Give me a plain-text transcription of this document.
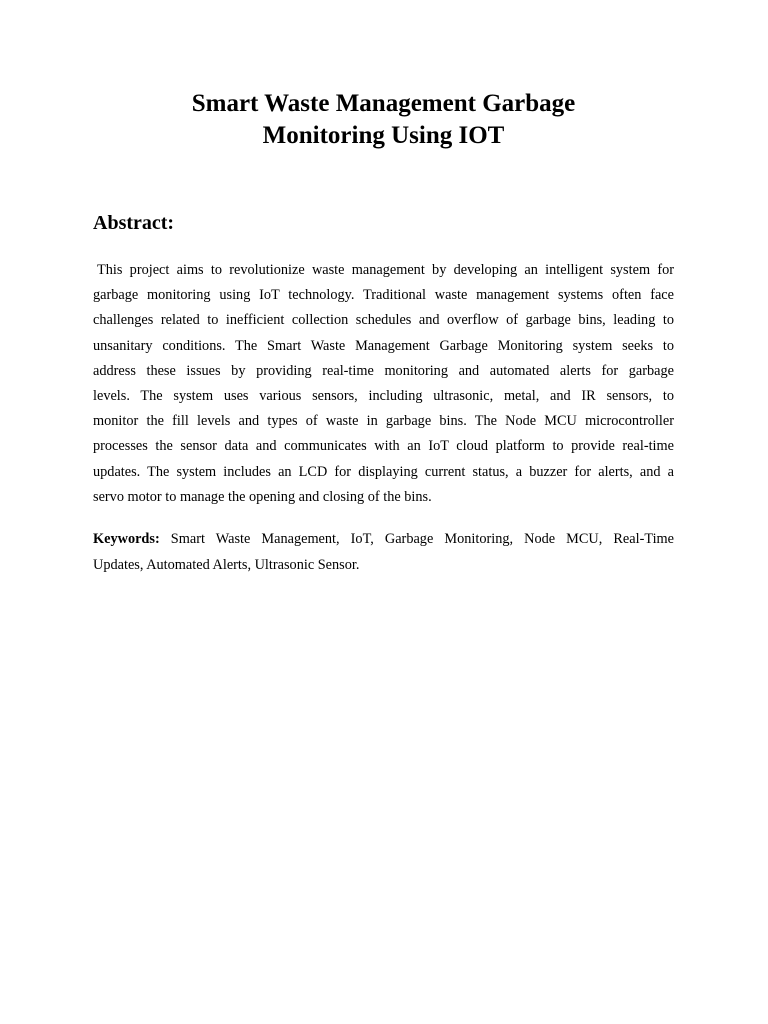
Smart Waste Management Garbage
Monitoring Using IOT
Abstract:

This project aims to revolutionize waste management by developing an intelligent system for
garbage monitoring using IoT technology. Traditional waste management systems often face
challenges related to inefficient collection schedules and overflow of garbage bins, leading to
unsanitary conditions. The Smart Waste Management Garbage Monitoring system seeks to
address these issues by providing real-time monitoring and automated alerts for garbage
levels. The system uses various sensors, including ultrasonic, metal, and IR sensors, to
monitor the fill levels and types of waste in garbage bins. The Node MCU microcontroller
processes the sensor data and communicates with an IoT cloud platform to provide real-time
updates. The system includes an LCD for displaying current status, a buzzer for alerts, and a
servo motor to manage the opening and closing of the bins.

Keywords: Smart Waste Management, IoT, Garbage Monitoring, Node MCU, Real-Time
Updates, Automated Alerts, Ultrasonic Sensor.
